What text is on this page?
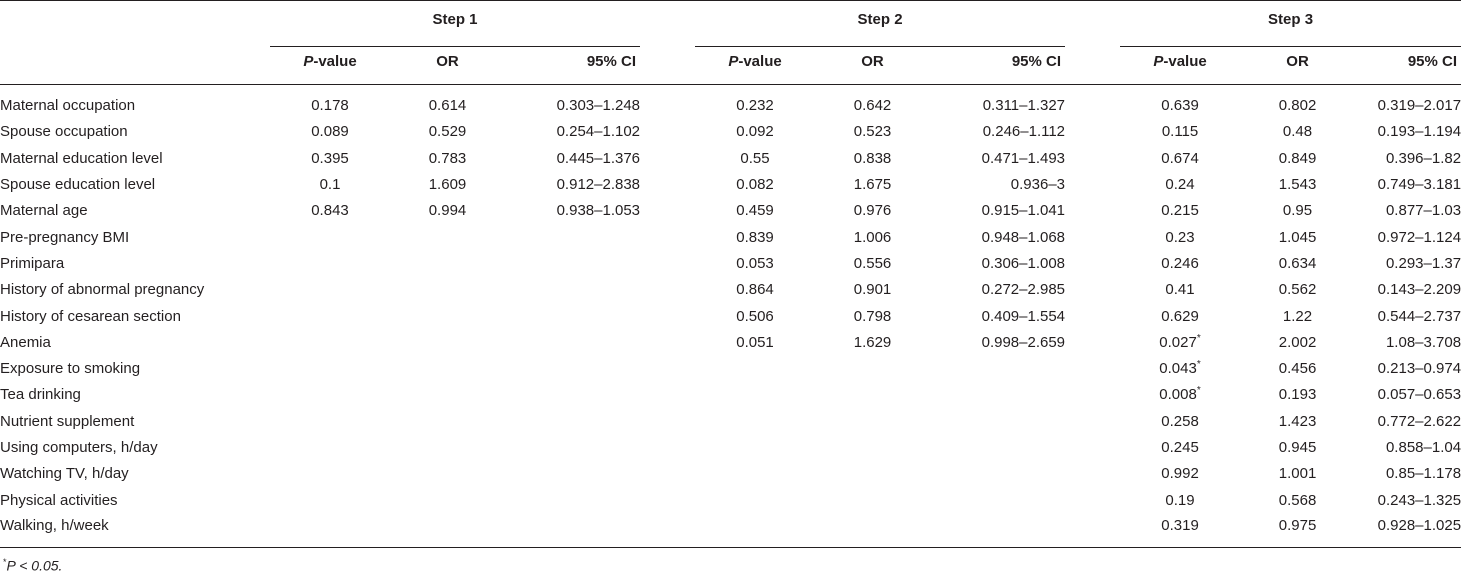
	Step 1				Step 2				Step 3		
	P-value	OR	95% CI		P-value	OR	95% CI		P-value	OR	95% CI

Maternal occupation	0.178	0.614	0.303–1.248		0.232	0.642	0.311–1.327		0.639	0.802	0.319–2.017
Spouse occupation	0.089	0.529	0.254–1.102		0.092	0.523	0.246–1.112		0.115	0.48	0.193–1.194
Maternal education level	0.395	0.783	0.445–1.376		0.55	0.838	0.471–1.493		0.674	0.849	0.396–1.82
Spouse education level	0.1	1.609	0.912–2.838		0.082	1.675	0.936–3		0.24	1.543	0.749–3.181
Maternal age	0.843	0.994	0.938–1.053		0.459	0.976	0.915–1.041		0.215	0.95	0.877–1.03
Pre-pregnancy BMI					0.839	1.006	0.948–1.068		0.23	1.045	0.972–1.124
Primipara					0.053	0.556	0.306–1.008		0.246	0.634	0.293–1.37
History of abnormal pregnancy					0.864	0.901	0.272–2.985		0.41	0.562	0.143–2.209
History of cesarean section					0.506	0.798	0.409–1.554		0.629	1.22	0.544–2.737
Anemia					0.051	1.629	0.998–2.659		0.027*	2.002	1.08–3.708
Exposure to smoking									0.043*	0.456	0.213–0.974
Tea drinking									0.008*	0.193	0.057–0.653
Nutrient supplement									0.258	1.423	0.772–2.622
Using computers, h/day									0.245	0.945	0.858–1.04
Watching TV, h/day									0.992	1.001	0.85–1.178
Physical activities									0.19	0.568	0.243–1.325
Walking, h/week									0.319	0.975	0.928–1.025
*P < 0.05.
